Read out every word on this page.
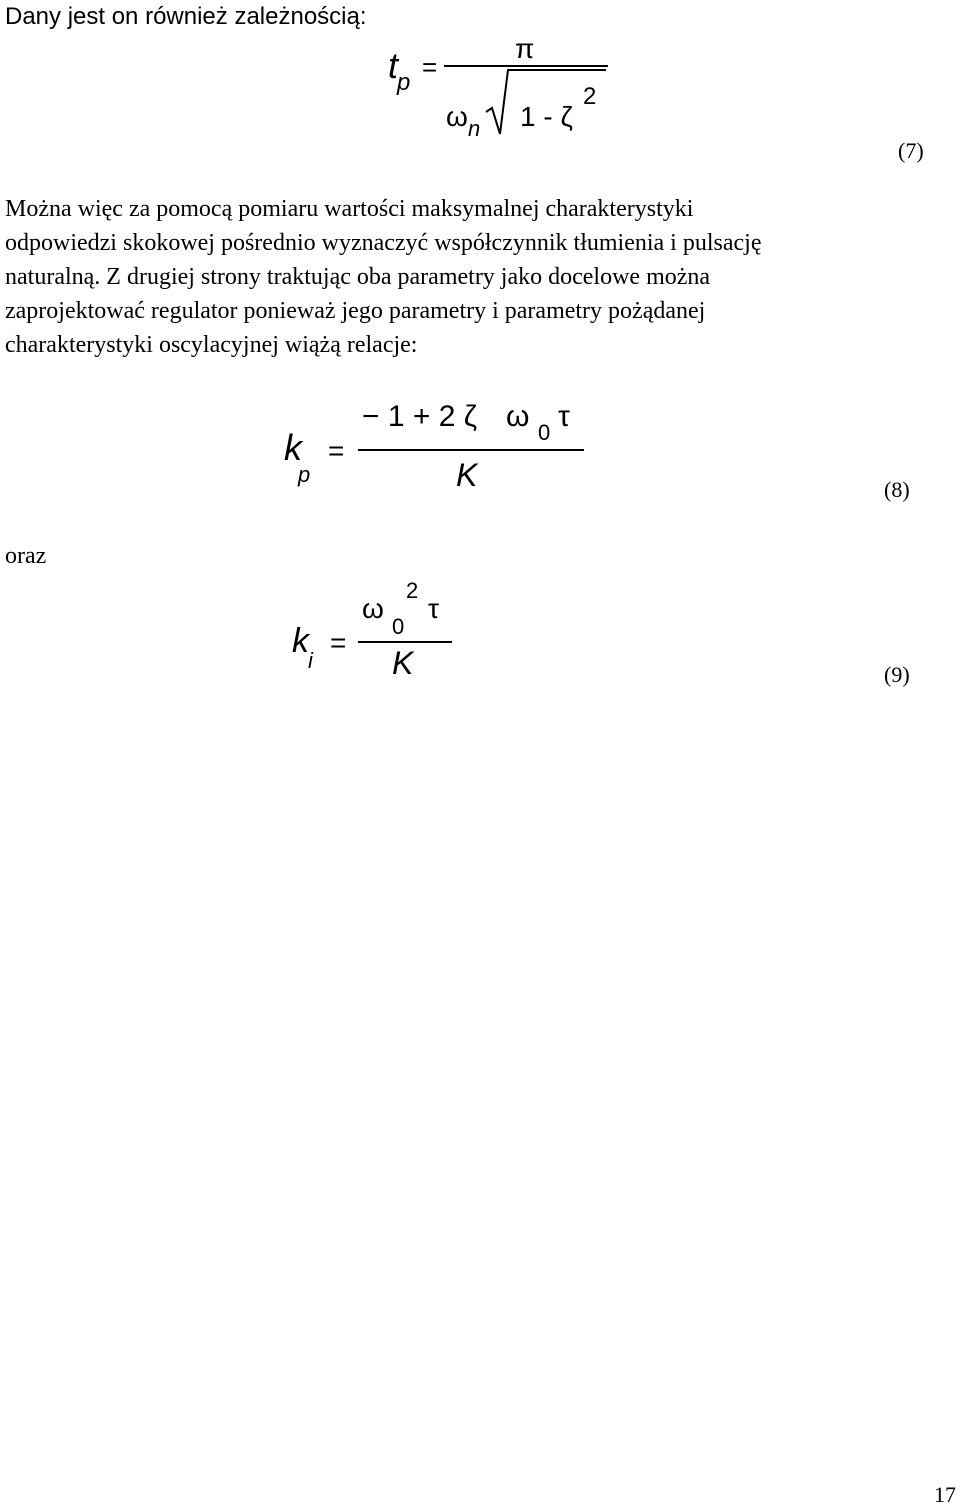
Dany jest on również zależnością:
t
p
=
π
ω n 1 - ζ
2
(7)
Można więc za pomocą pomiaru wartości maksymalnej charakterystyki
odpowiedzi skokowej pośrednio wyznaczyć współczynnik tłumienia i pulsację
naturalną. Z drugiej strony traktując oba parametry jako docelowe można
zaprojektować regulator ponieważ jego parametry i parametry pożądanej
charakterystyki oscylacyjnej wiążą relacje:
k
p
=
− 1 + 2 ζ ω 0 τ
K	(8)
oraz
k
i
=
ω
0
2
τ
K	(9)
17
